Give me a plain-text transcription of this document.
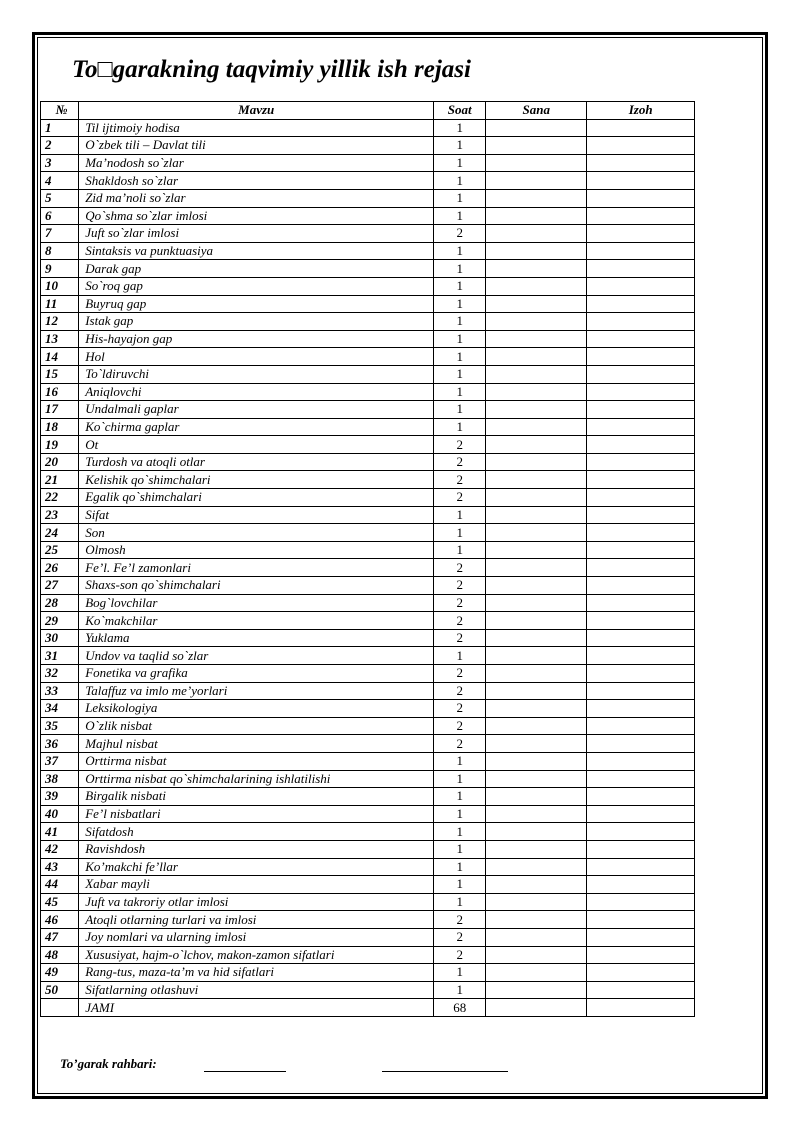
To□garakning taqvimiy yillik ish rejasi
№	Mavzu	Soat	Sana	Izoh
1	Til ijtimoiy hodisa	1		
2	O`zbek tili – Davlat tili	1		
3	Ma’nodosh so`zlar	1		
4	Shakldosh so`zlar	1		
5	Zid ma’noli so`zlar	1		
6	Qo`shma so`zlar imlosi	1		
7	Juft so`zlar imlosi	2		
8	Sintaksis va punktuasiya	1		
9	Darak gap	1		
10	So`roq gap	1		
11	Buyruq gap	1		
12	Istak gap	1		
13	His-hayajon gap	1		
14	Hol	1		
15	To`ldiruvchi	1		
16	Aniqlovchi	1		
17	Undalmali gaplar	1		
18	Ko`chirma gaplar	1		
19	Ot	2		
20	Turdosh va atoqli otlar	2		
21	Kelishik qo`shimchalari	2		
22	Egalik qo`shimchalari	2		
23	Sifat	1		
24	Son	1		
25	Olmosh	1		
26	Fe’l. Fe’l zamonlari	2		
27	Shaxs-son qo`shimchalari	2		
28	Bog`lovchilar	2		
29	Ko`makchilar	2		
30	Yuklama	2		
31	Undov va taqlid so`zlar	1		
32	Fonetika va grafika	2		
33	Talaffuz va imlo me’yorlari	2		
34	Leksikologiya	2		
35	O`zlik nisbat	2		
36	Majhul nisbat	2		
37	Orttirma nisbat	1		
38	Orttirma nisbat qo`shimchalarining ishlatilishi	1		
39	Birgalik nisbati	1		
40	Fe’l nisbatlari	1		
41	Sifatdosh	1		
42	Ravishdosh	1		
43	Ko’makchi fe’llar	1		
44	Xabar mayli	1		
45	Juft va takroriy otlar imlosi	1		
46	Atoqli otlarning turlari va imlosi	2		
47	Joy nomlari va ularning imlosi	2		
48	Xususiyat, hajm-o`lchov, makon-zamon sifatlari	2		
49	Rang-tus, maza-ta’m va hid sifatlari	1		
50	Sifatlarning otlashuvi	1		
	JAMI	68		
To’garak rahbari:
